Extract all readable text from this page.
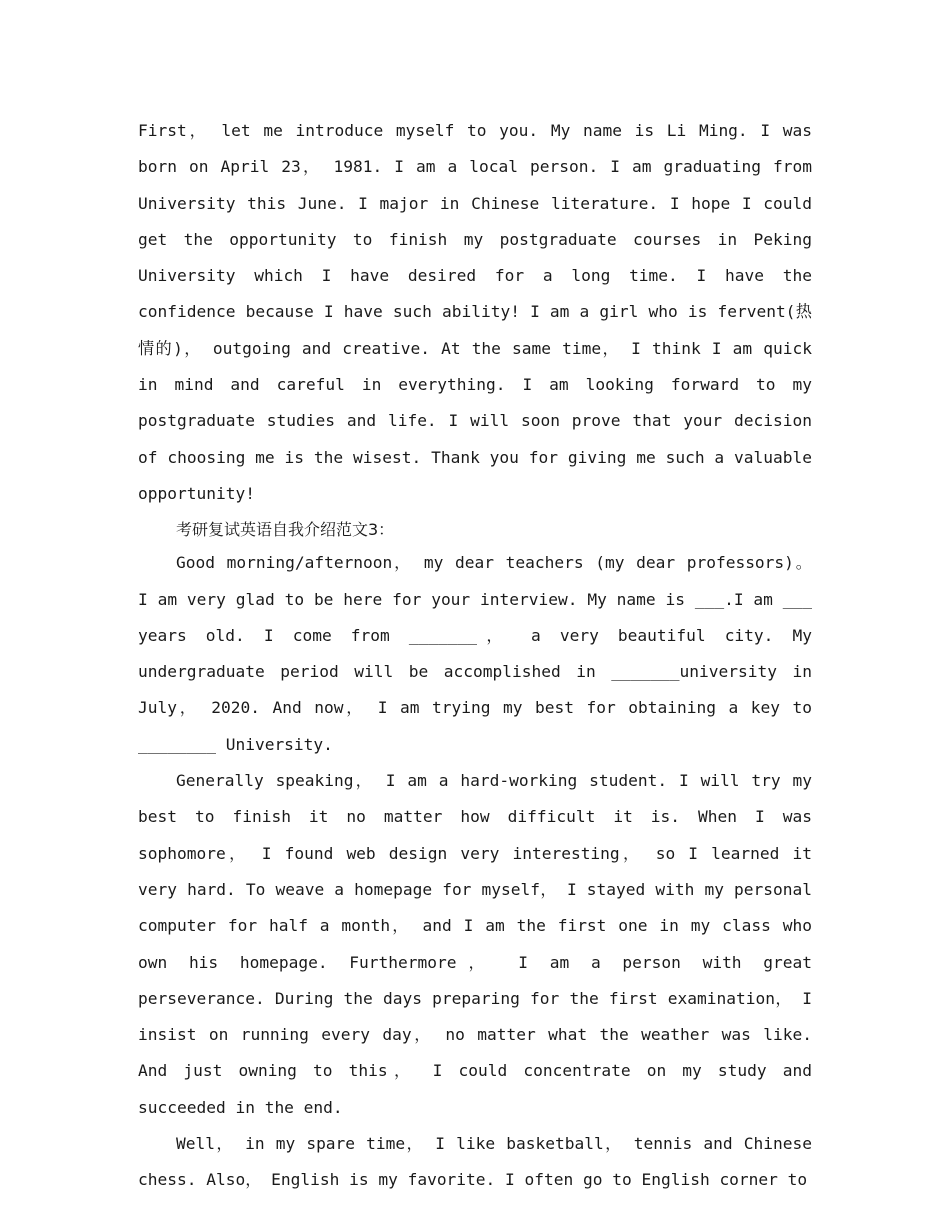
First， let me introduce myself to you. My name is Li Ming. I was born on April 23， 1981. I am a local person. I am graduating from University this June. I major in Chinese literature. I hope I could get the opportunity to finish my postgraduate courses in Peking University which I have desired for a long time. I have the confidence because I have such ability! I am a girl who is fervent(热情的)， outgoing and creative. At the same time， I think I am quick in mind and careful in everything. I am looking forward to my postgraduate studies and life. I will soon prove that your decision of choosing me is the wisest. Thank you for giving me such a valuable opportunity!

考研复试英语自我介绍范文3：

Good morning/afternoon， my dear teachers (my dear professors)。 I am very glad to be here for your interview. My name is ___.I am ___ years old. I come from _______， a very beautiful city. My undergraduate period will be accomplished in _______university in July， 2020. And now， I am trying my best for obtaining a key to ________ University.

Generally speaking， I am a hard-working student. I will try my best to finish it no matter how difficult it is. When I was sophomore， I found web design very interesting， so I learned it very hard. To weave a homepage for myself， I stayed with my personal computer for half a month， and I am the first one in my class who own his homepage. Furthermore， I am a person with great perseverance. During the days preparing for the first examination， I insist on running every day， no matter what the weather was like. And just owning to this， I could concentrate on my study and succeeded in the end.

Well， in my spare time， I like basketball， tennis and Chinese chess. Also， English is my favorite. I often go to English corner to
